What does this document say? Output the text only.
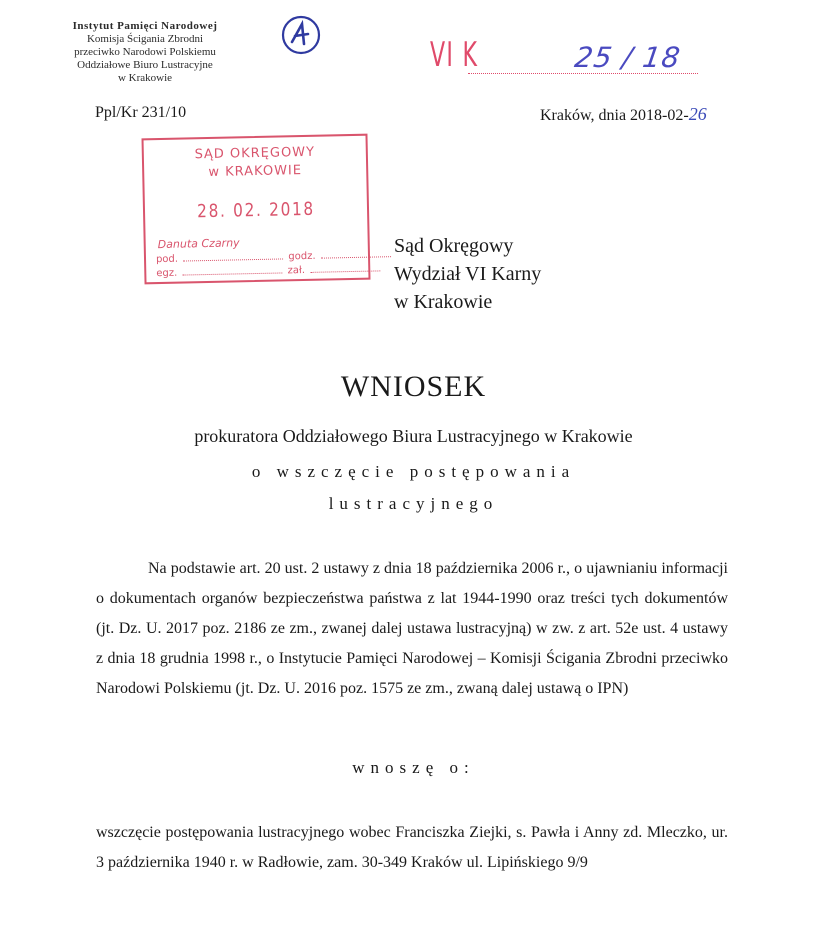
Instytut Pamięci Narodowej
Komisja Ścigania Zbrodni
przeciwko Narodowi Polskiemu
Oddziałowe Biuro Lustracyjne
w Krakowie
VI K	25 / 18
Ppl/Kr 231/10	Kraków, dnia 2018-02-26
SĄD OKRĘGOWY
w KRAKOWIE
28. 02. 2018
Danuta Czarny
pod.	godz.
egz.	zał.
Sąd Okręgowy
Wydział VI Karny
w Krakowie
WNIOSEK
prokuratora Oddziałowego Biura Lustracyjnego w Krakowie
o wszczęcie postępowania
lustracyjnego
Na podstawie art. 20 ust. 2 ustawy z dnia 18 października 2006 r., o ujawnianiu informacji o dokumentach organów bezpieczeństwa państwa z lat 1944-1990 oraz treści tych dokumentów (jt. Dz. U. 2017 poz. 2186 ze zm., zwanej dalej ustawa lustracyjną) w zw. z art. 52e ust. 4 ustawy z dnia 18 grudnia 1998 r., o Instytucie Pamięci Narodowej – Komisji Ścigania Zbrodni przeciwko Narodowi Polskiemu (jt. Dz. U. 2016 poz. 1575 ze zm., zwaną dalej ustawą o IPN)
wnoszę o:
wszczęcie postępowania lustracyjnego wobec Franciszka Ziejki, s. Pawła i Anny zd. Mleczko, ur. 3 października 1940 r. w Radłowie, zam. 30-349 Kraków ul. Lipińskiego 9/9
